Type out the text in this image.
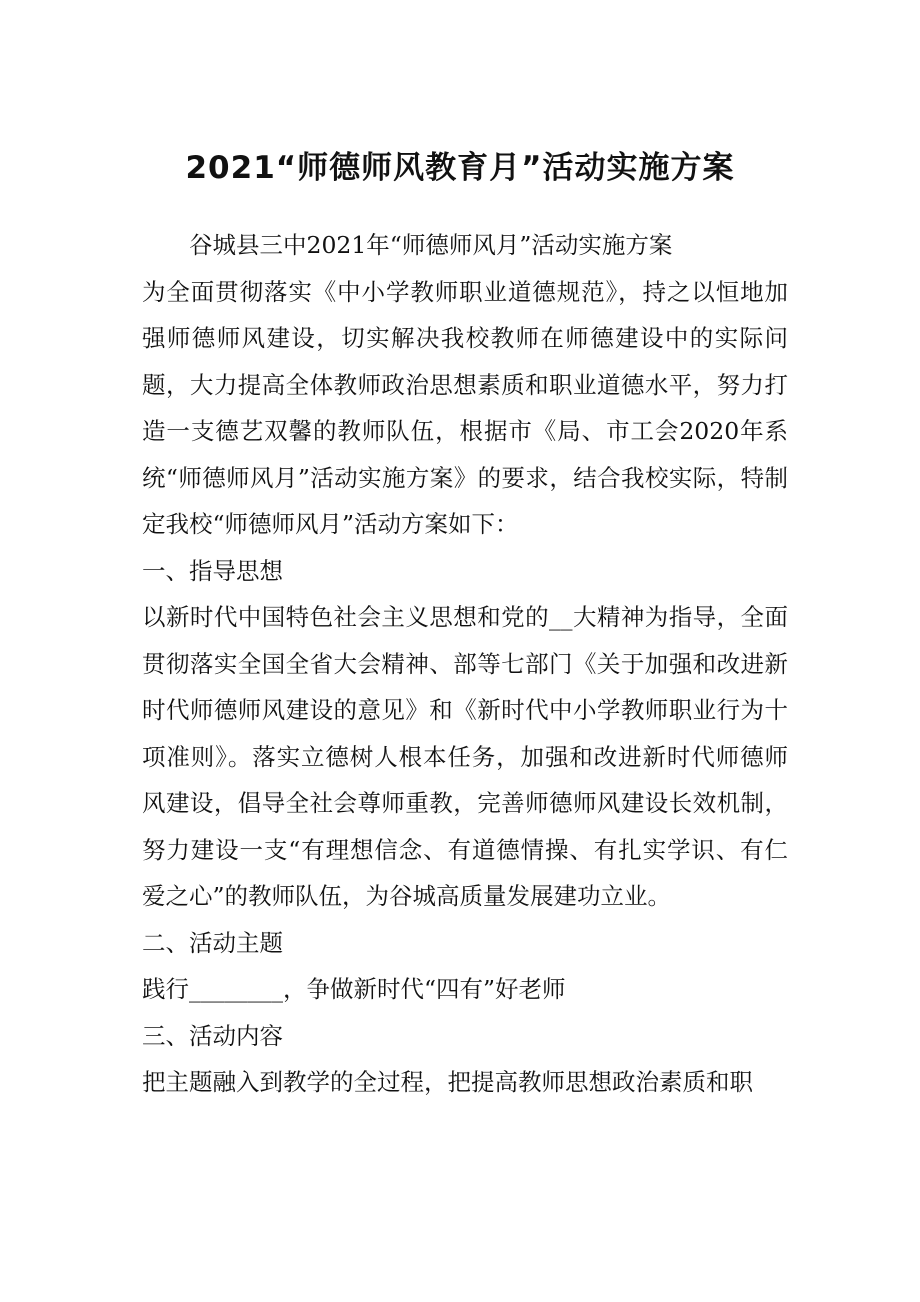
2021“师德师风教育月”活动实施方案

谷城县三中2021年“师德师风月”活动实施方案

为全面贯彻落实《中小学教师职业道德规范》，持之以恒地加强师德师风建设，切实解决我校教师在师德建设中的实际问题，大力提高全体教师政治思想素质和职业道德水平，努力打造一支德艺双馨的教师队伍，根据市《局、市工会2020年系统“师德师风月”活动实施方案》的要求，结合我校实际，特制定我校“师德师风月”活动方案如下：

一、指导思想

以新时代中国特色社会主义思想和党的__大精神为指导，全面贯彻落实全国全省大会精神、部等七部门《关于加强和改进新时代师德师风建设的意见》和《新时代中小学教师职业行为十项准则》。落实立德树人根本任务，加强和改进新时代师德师风建设，倡导全社会尊师重教，完善师德师风建设长效机制，努力建设一支“有理想信念、有道德情操、有扎实学识、有仁爱之心”的教师队伍，为谷城高质量发展建功立业。

二、活动主题

践行________，争做新时代“四有”好老师

三、活动内容

把主题融入到教学的全过程，把提高教师思想政治素质和职
